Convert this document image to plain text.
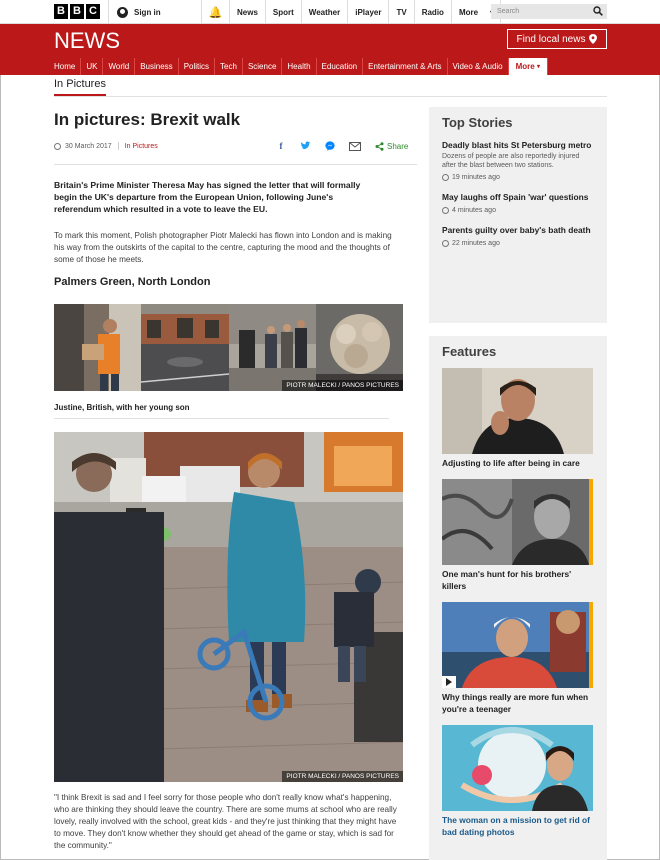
B B C	Sign in	🔔	News	Sport	Weather	iPlayer	TV	Radio	More	Search
NEWS	Find local news
Home	UK	World	Business	Politics	Tech	Science	Health	Education	Entertainment & Arts	Video & Audio	More
▾
In Pictures
In pictures: Brexit walk
30 March 2017 In Pictures	f	Share

Britain's Prime Minister Theresa May has signed the letter that will formally begin the UK's departure from the European Union, following June's referendum which resulted in a vote to leave the EU.

To mark this moment, Polish photographer Piotr Malecki has flown into London and is making his way from the outskirts of the capital to the centre, capturing the mood and the thoughts of some of those he meets.

Palmers Green, North London
PIOTR MALECKI / PANOS PICTURES
Justine, British, with her young son
PIOTR MALECKI / PANOS PICTURES

"I think Brexit is sad and I feel sorry for those people who don't really know what's happening, who are thinking they should leave the country. There are some mums at school who are really lovely, really involved with the school, great kids - and they're just thinking that they might have to move. They don't know whether they should get ahead of the game or stay, which is sad for the community."

Top Stories
Deadly blast hits St Petersburg metro
Dozens of people are also reportedly injured after the blast between two stations.
19 minutes ago
May laughs off Spain 'war' questions
4 minutes ago
Parents guilty over baby's bath death
22 minutes ago
Features
Adjusting to life after being in care
One man's hunt for his brothers' killers
Why things really are more fun when you're a teenager
The woman on a mission to get rid of bad dating photos
